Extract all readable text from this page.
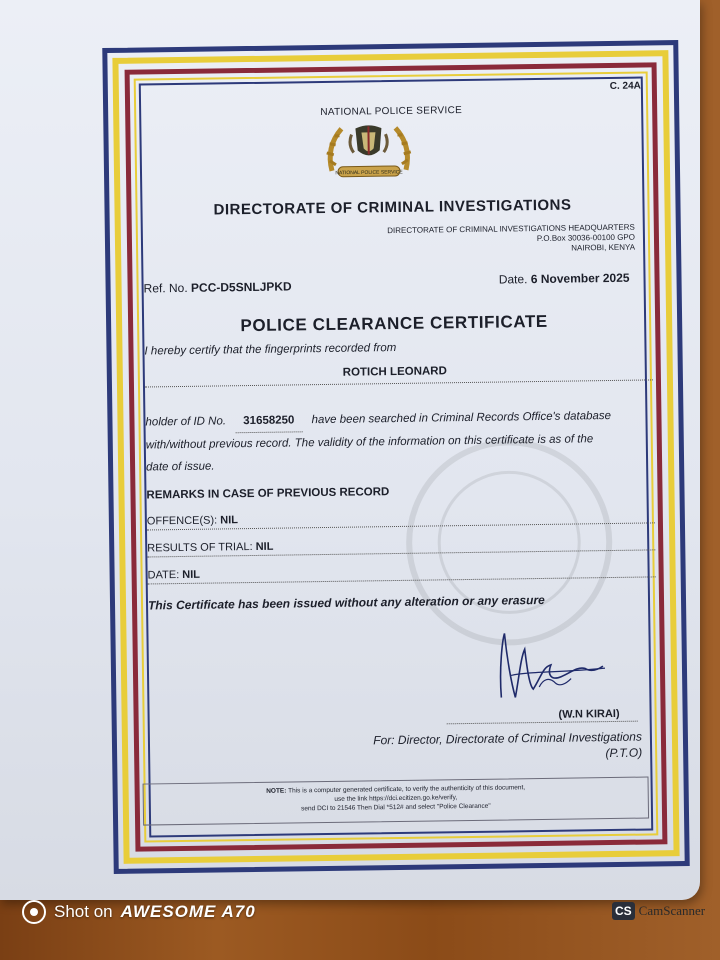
C. 24A
NATIONAL POLICE SERVICE
NATIONAL POLICE SERVICE
DIRECTORATE OF CRIMINAL INVESTIGATIONS
DIRECTORATE OF CRIMINAL INVESTIGATIONS HEADQUARTERS
P.O.Box 30036-00100 GPO
NAIROBI, KENYA
Ref. No. PCC-D5SNLJPKD
Date. 6 November 2025
POLICE CLEARANCE CERTIFICATE
I hereby certify that the fingerprints recorded from
ROTICH LEONARD
holder of ID No. 31658250 have been searched in Criminal Records Office's database with/without previous record. The validity of the information on this certificate is as of the date of issue.
REMARKS IN CASE OF PREVIOUS RECORD
OFFENCE(S): NIL
RESULTS OF TRIAL: NIL
DATE: NIL
This Certificate has been issued without any alteration or any erasure
(W.N KIRAI)
For: Director, Directorate of Criminal Investigations
(P.T.O)
NOTE: This is a computer generated certificate, to verify the authenticity of this document,
use the link https://dci.ecitizen.go.ke/verify,
send DCI to 21546 Then Dial *512# and select "Police Clearance"
Shot on AWESOME A70	CS CamScanner
